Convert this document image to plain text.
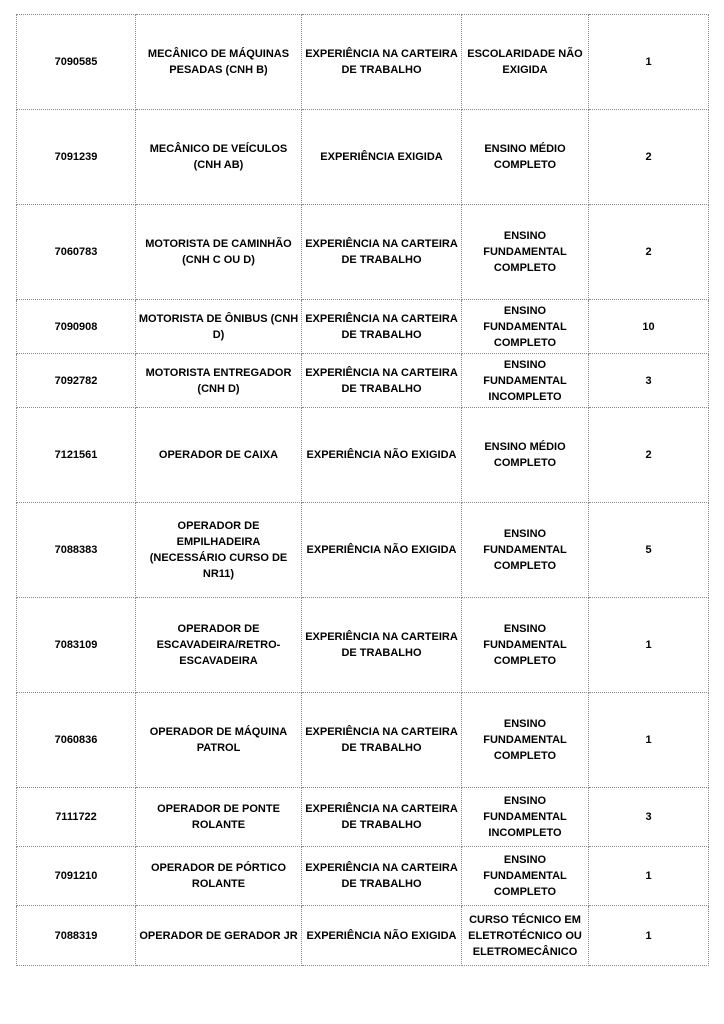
7090585	MECÂNICO DE MÁQUINAS PESADAS (CNH B)	EXPERIÊNCIA NA CARTEIRA DE TRABALHO	ESCOLARIDADE NÃO EXIGIDA	1
7091239	MECÂNICO DE VEÍCULOS (CNH AB)	EXPERIÊNCIA EXIGIDA	ENSINO MÉDIO COMPLETO	2
7060783	MOTORISTA DE CAMINHÃO (CNH C OU D)	EXPERIÊNCIA NA CARTEIRA DE TRABALHO	ENSINO FUNDAMENTAL COMPLETO	2
7090908	MOTORISTA DE ÔNIBUS (CNH D)	EXPERIÊNCIA NA CARTEIRA DE TRABALHO	ENSINO FUNDAMENTAL COMPLETO	10
7092782	MOTORISTA ENTREGADOR (CNH D)	EXPERIÊNCIA NA CARTEIRA DE TRABALHO	ENSINO FUNDAMENTAL INCOMPLETO	3
7121561	OPERADOR DE CAIXA	EXPERIÊNCIA NÃO EXIGIDA	ENSINO MÉDIO COMPLETO	2
7088383	OPERADOR DE EMPILHADEIRA (NECESSÁRIO CURSO DE NR11)	EXPERIÊNCIA NÃO EXIGIDA	ENSINO FUNDAMENTAL COMPLETO	5
7083109	OPERADOR DE ESCAVADEIRA/RETRO-ESCAVADEIRA	EXPERIÊNCIA NA CARTEIRA DE TRABALHO	ENSINO FUNDAMENTAL COMPLETO	1
7060836	OPERADOR DE MÁQUINA PATROL	EXPERIÊNCIA NA CARTEIRA DE TRABALHO	ENSINO FUNDAMENTAL COMPLETO	1
7111722	OPERADOR DE PONTE ROLANTE	EXPERIÊNCIA NA CARTEIRA DE TRABALHO	ENSINO FUNDAMENTAL INCOMPLETO	3
7091210	OPERADOR DE PÓRTICO ROLANTE	EXPERIÊNCIA NA CARTEIRA DE TRABALHO	ENSINO FUNDAMENTAL COMPLETO	1
7088319	OPERADOR DE GERADOR JR	EXPERIÊNCIA NÃO EXIGIDA	CURSO TÉCNICO EM ELETROTÉCNICO OU ELETROMECÂNICO	1
